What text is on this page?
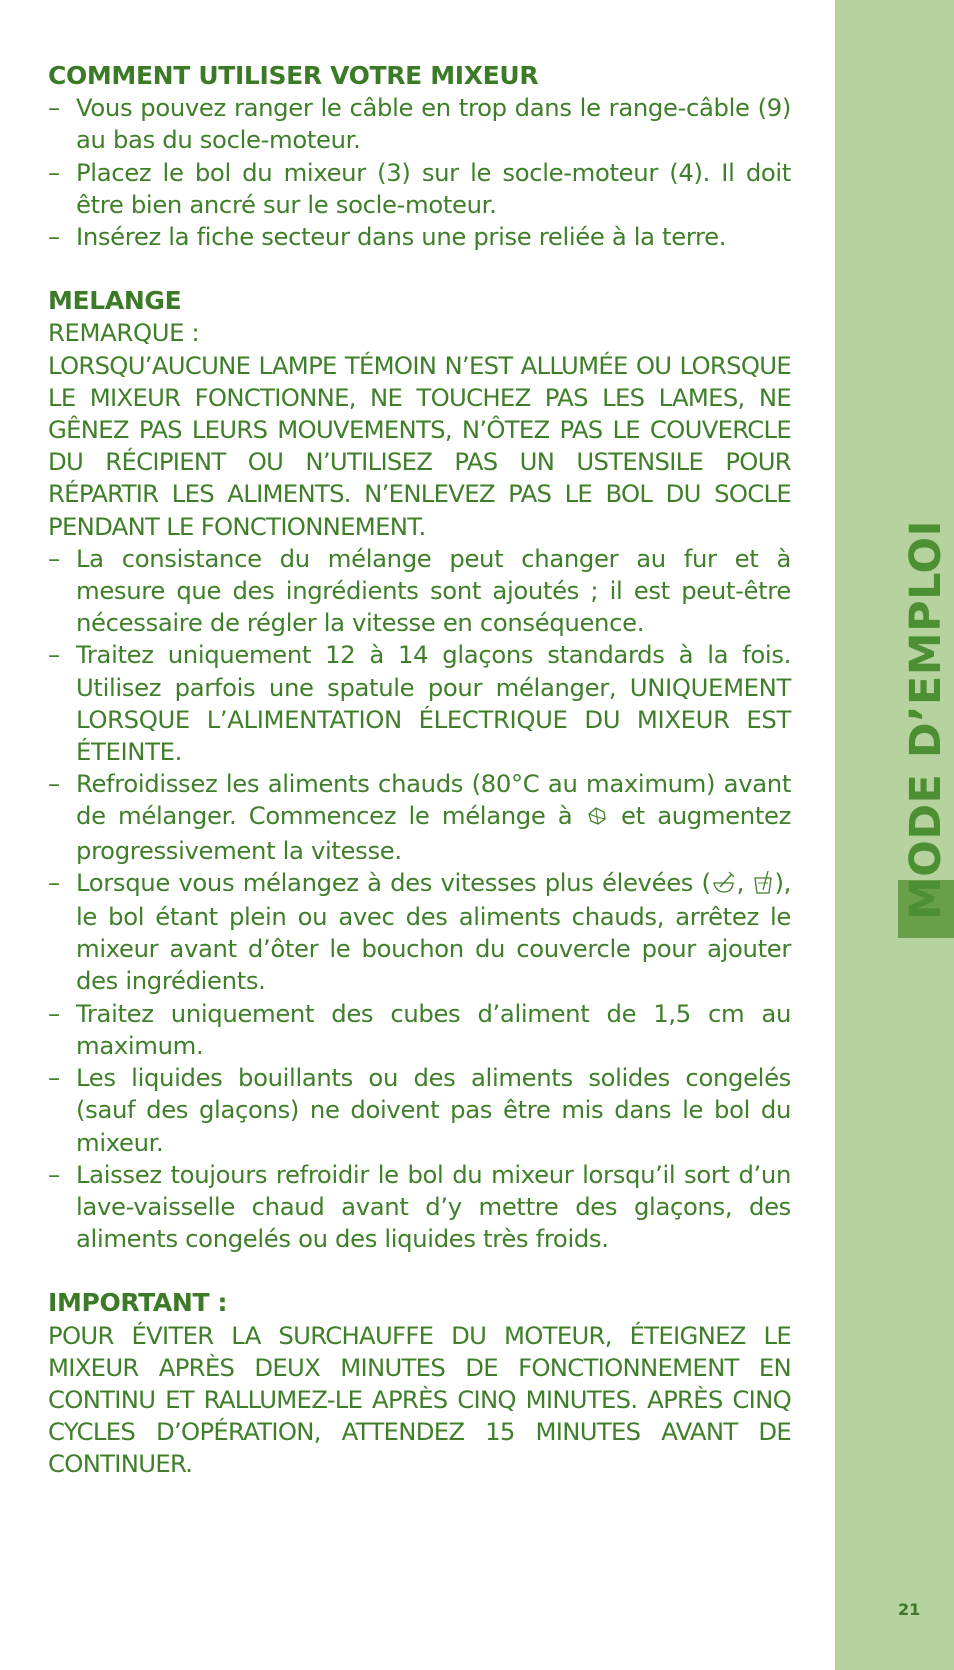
COMMENT UTILISER VOTRE MIXEUR
– Vous pouvez ranger le câble en trop dans le range-câble (9) au bas du socle-moteur.
– Placez le bol du mixeur (3) sur le socle-moteur (4). Il doit être bien ancré sur le socle-moteur.
– Insérez la fiche secteur dans une prise reliée à la terre.
MELANGE

REMARQUE :

LORSQU’AUCUNE LAMPE TÉMOIN N’EST ALLUMÉE OU LORSQUE LE MIXEUR FONCTIONNE, NE TOUCHEZ PAS LES LAMES, NE GÊNEZ PAS LEURS MOUVEMENTS, N’ÔTEZ PAS LE COUVERCLE DU RÉCIPIENT OU N’UTILISEZ PAS UN USTENSILE POUR RÉPARTIR LES ALIMENTS. N’ENLEVEZ PAS LE BOL DU SOCLE PENDANT LE FONCTIONNEMENT.

– La consistance du mélange peut changer au fur et à mesure que des ingrédients sont ajoutés ; il est peut-être nécessaire de régler la vitesse en conséquence.
– Traitez uniquement 12 à 14 glaçons standards à la fois. Utilisez parfois une spatule pour mélanger, UNIQUEMENT LORSQUE L’ALIMENTATION ÉLECTRIQUE DU MIXEUR EST ÉTEINTE.
– Refroidissez les aliments chauds (80°C au maximum) avant de mélanger. Commencez le mélange à  et augmentez progressivement la vitesse.
– Lorsque vous mélangez à des vitesses plus élevées ( , ), le bol étant plein ou avec des aliments chauds, arrêtez le mixeur avant d’ôter le bouchon du couvercle pour ajouter des ingrédients.
– Traitez uniquement des cubes d’aliment de 1,5 cm au maximum.
– Les liquides bouillants ou des aliments solides congelés (sauf des glaçons) ne doivent pas être mis dans le bol du mixeur.
– Laissez toujours refroidir le bol du mixeur lorsqu’il sort d’un lave-vaisselle chaud avant d’y mettre des glaçons, des aliments congelés ou des liquides très froids.
IMPORTANT :

POUR ÉVITER LA SURCHAUFFE DU MOTEUR, ÉTEIGNEZ LE MIXEUR APRÈS DEUX MINUTES DE FONCTIONNEMENT EN CONTINU ET RALLUMEZ-LE APRÈS CINQ MINUTES. APRÈS CINQ CYCLES D’OPÉRATION, ATTENDEZ 15 MINUTES AVANT DE CONTINUER.

MODE D’EMPLOI
21
